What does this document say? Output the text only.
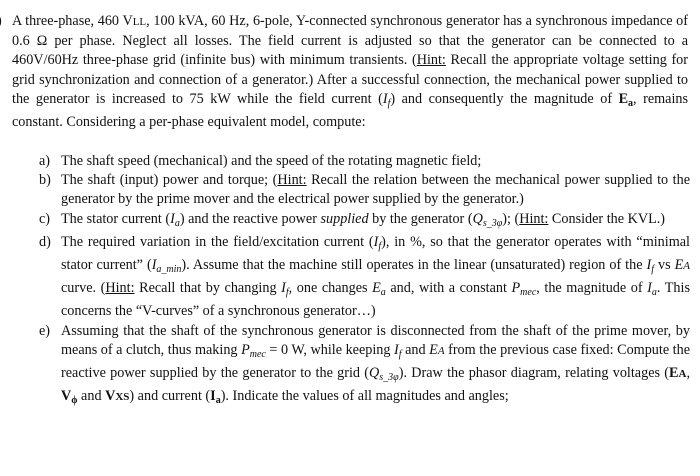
A three-phase, 460 VLL, 100 kVA, 60 Hz, 6-pole, Y-connected synchronous generator has a synchronous impedance of 0.6 Ω per phase. Neglect all losses. The field current is adjusted so that the generator can be connected to a 460V/60Hz three-phase grid (infinite bus) with minimum transients. (Hint: Recall the appropriate voltage setting for grid synchronization and connection of a generator.) After a successful connection, the mechanical power supplied to the generator is increased to 75 kW while the field current $(I_f)$ and consequently the magnitude of $E_a$, remains constant. Considering a per-phase equivalent model, compute:

a) The shaft speed (mechanical) and the speed of the rotating magnetic field;

b) The shaft (input) power and torque; (Hint: Recall the relation between the mechanical power supplied to the generator by the prime mover and the electrical power supplied by the generator.)

c) The stator current $(I_a)$ and the reactive power supplied by the generator $(Q_{s\_3\varphi})$; (Hint: Consider the KVL.)

d) The required variation in the field/excitation current $(I_f)$, in %, so that the generator operates with “minimal stator current” $(I_{a\_min})$. Assume that the machine still operates in the linear (unsaturated) region of the $I_f$ vs EA curve. (Hint: Recall that by changing $I_f$, one changes $E_a$ and, with a constant $P_{mec}$, the magnitude of $I_a$. This concerns the “V-curves” of a synchronous generator…)

e) Assuming that the shaft of the synchronous generator is disconnected from the shaft of the prime mover, by means of a clutch, thus making $P_{mec} = 0$ W, while keeping $I_f$ and EA from the previous case fixed: Compute the reactive power supplied by the generator to the grid $(Q_{s\_3\varphi})$. Draw the phasor diagram, relating voltages (EA, $V_\phi$ and VXS) and current $(I_a)$. Indicate the values of all magnitudes and angles;
